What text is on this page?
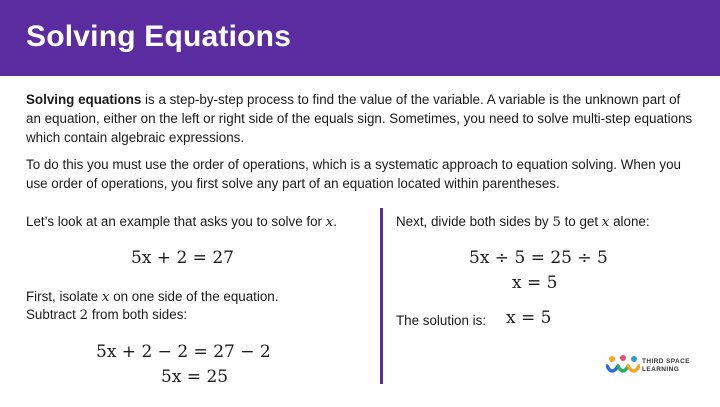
Solving Equations

Solving equations is a step-by-step process to find the value of the variable. A variable is the unknown part of an equation, either on the left or right side of the equals sign. Sometimes, you need to solve multi-step equations which contain algebraic expressions.

To do this you must use the order of operations, which is a systematic approach to equation solving. When you use order of operations, you first solve any part of an equation located within parentheses.

Let’s look at an example that asks you to solve for x.

5x + 2 = 27

First, isolate x on one side of the equation.

Subtract 2 from both sides:

5x + 2 − 2 = 27 − 2
5x = 25

Next, divide both sides by 5 to get x alone:

5x ÷ 5 = 25 ÷ 5
x = 5

The solution is: x = 5
THIRD SPACE
LEARNING
